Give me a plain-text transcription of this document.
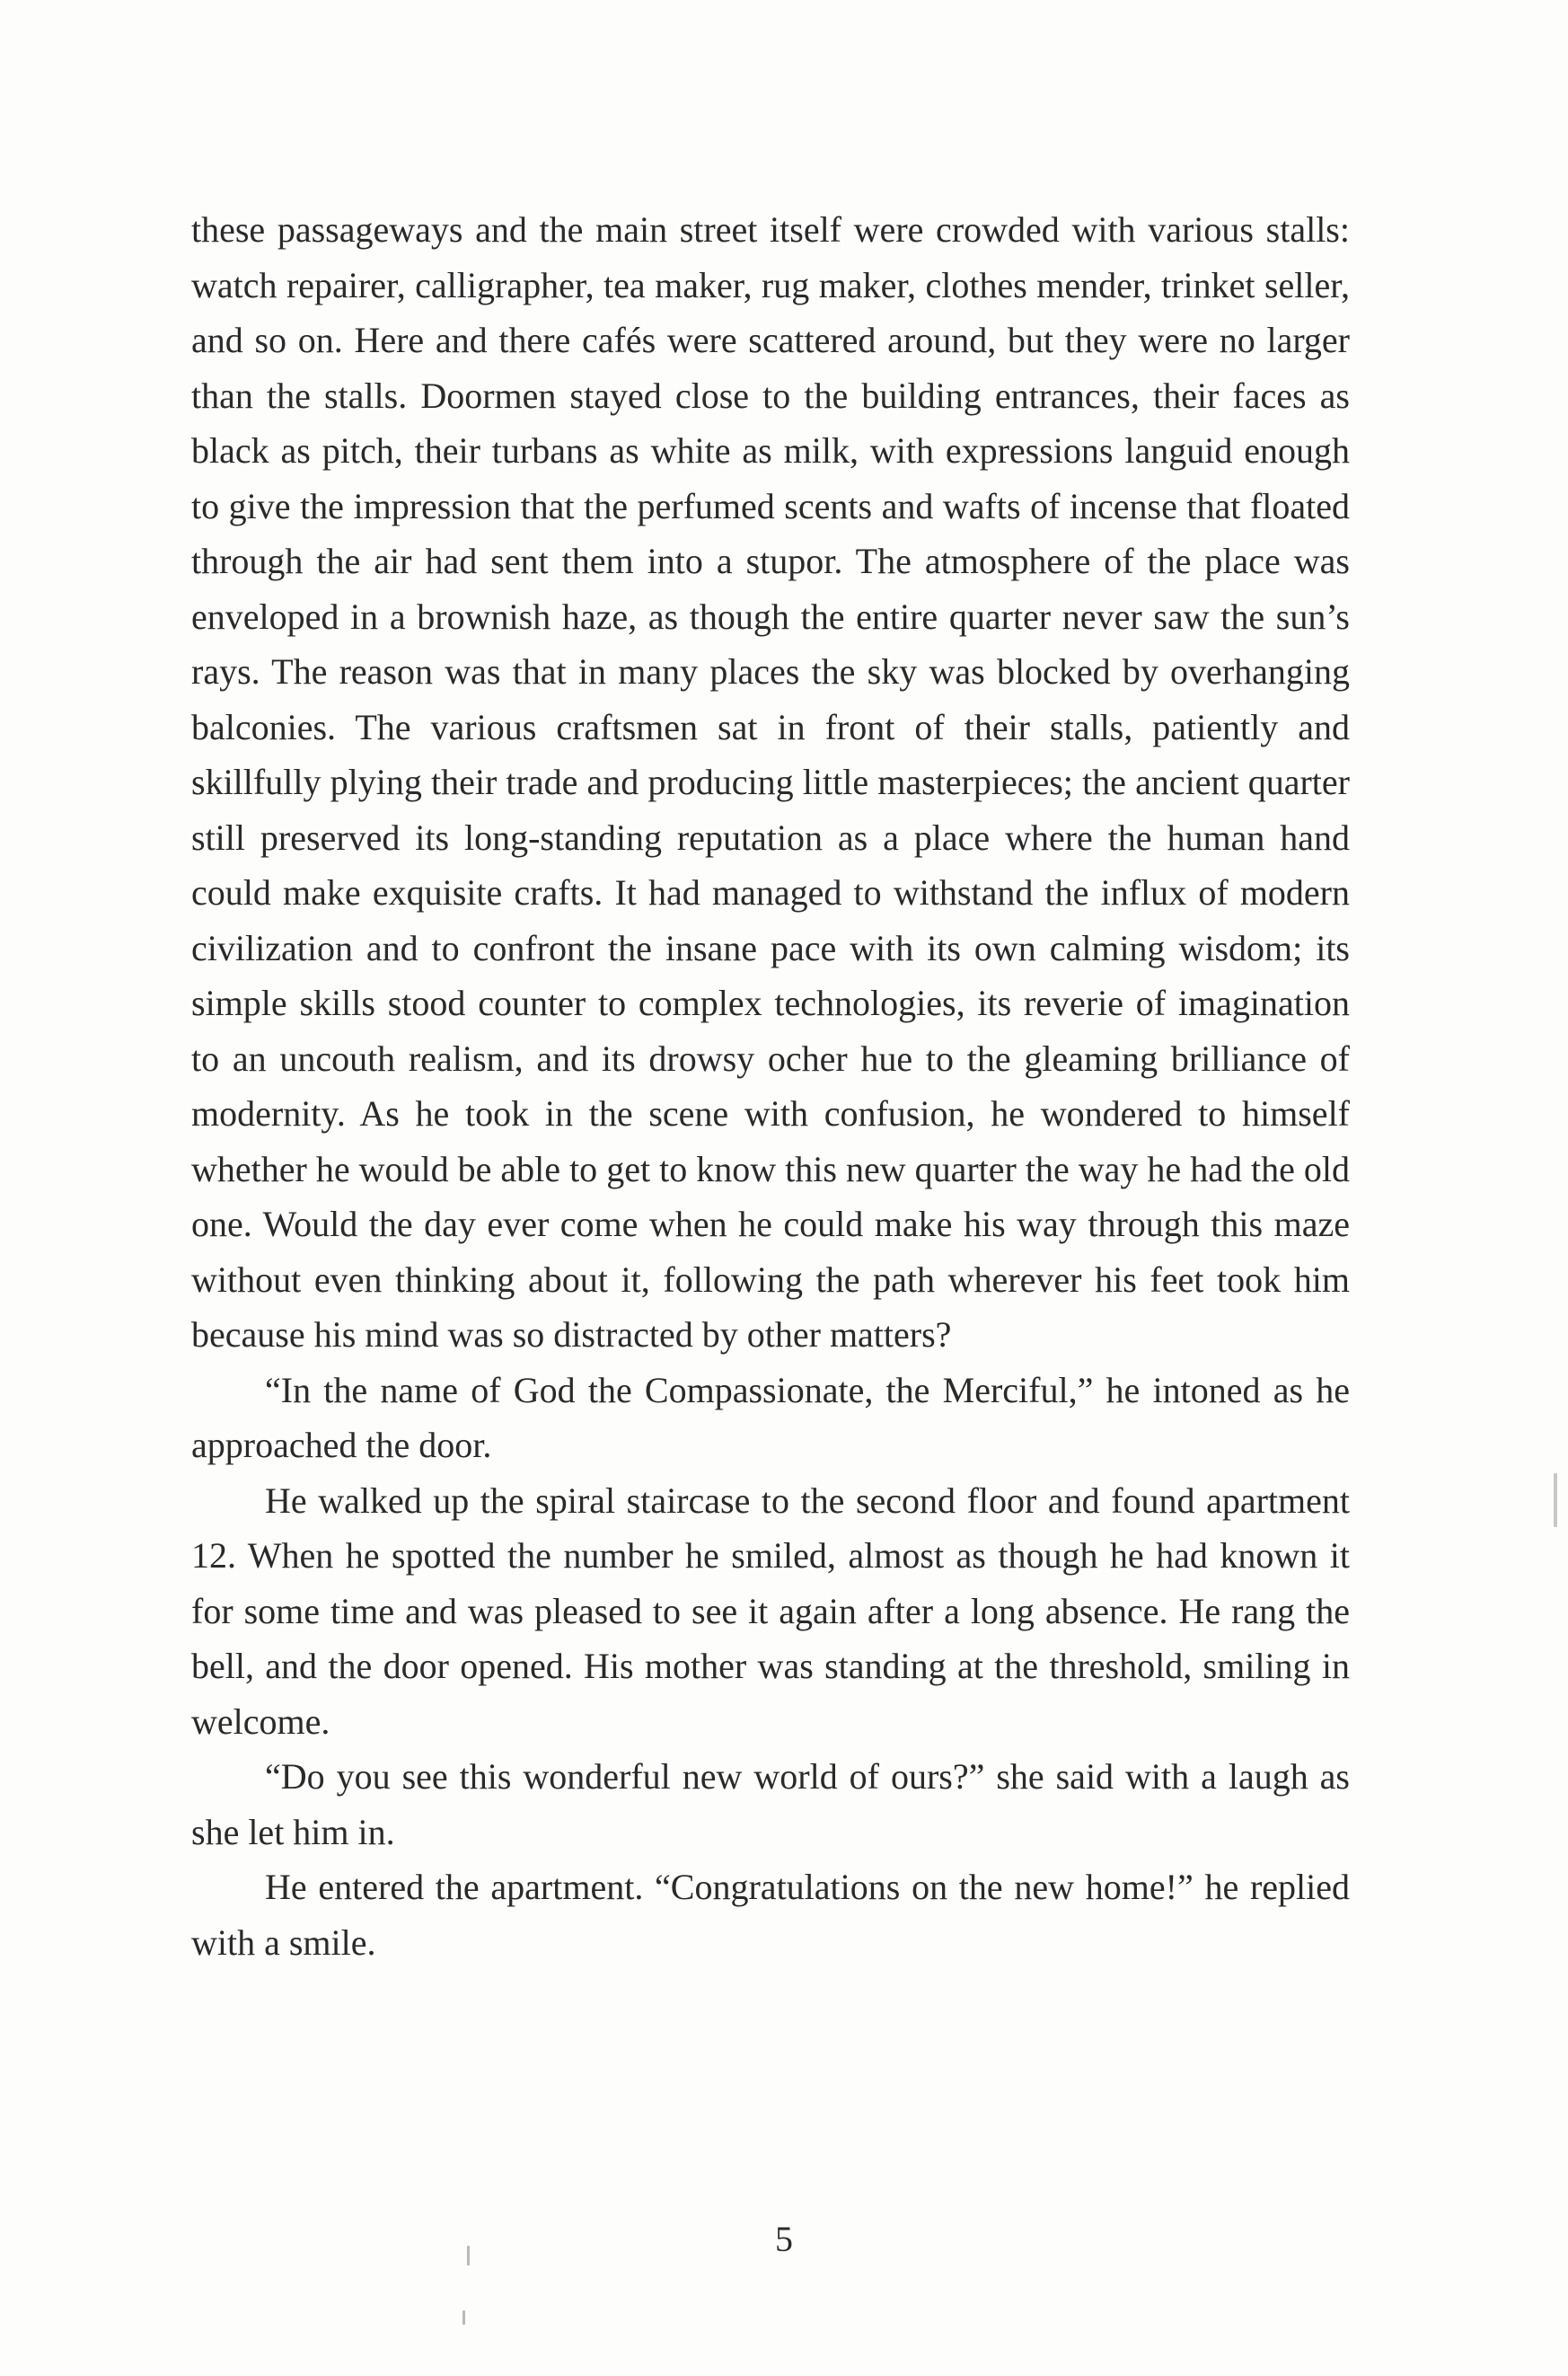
these passageways and the main street itself were crowded with various stalls: watch repairer, calligrapher, tea maker, rug maker, clothes mender, trinket seller, and so on. Here and there cafés were scattered around, but they were no larger than the stalls. Doormen stayed close to the building entrances, their faces as black as pitch, their turbans as white as milk, with expressions languid enough to give the impression that the perfumed scents and wafts of incense that floated through the air had sent them into a stupor. The atmosphere of the place was enveloped in a brownish haze, as though the entire quarter never saw the sun’s rays. The reason was that in many places the sky was blocked by overhanging balconies. The various craftsmen sat in front of their stalls, patiently and skillfully plying their trade and producing little masterpieces; the ancient quarter still preserved its long-standing reputation as a place where the human hand could make exquisite crafts. It had managed to withstand the influx of modern civilization and to confront the insane pace with its own calming wisdom; its simple skills stood counter to complex technologies, its reverie of imagination to an uncouth realism, and its drowsy ocher hue to the gleaming brilliance of modernity. As he took in the scene with confusion, he wondered to himself whether he would be able to get to know this new quarter the way he had the old one. Would the day ever come when he could make his way through this maze without even thinking about it, following the path wherever his feet took him because his mind was so distracted by other matters?

“In the name of God the Compassionate, the Merciful,” he intoned as he approached the door.

He walked up the spiral staircase to the second floor and found apartment 12. When he spotted the number he smiled, almost as though he had known it for some time and was pleased to see it again after a long absence. He rang the bell, and the door opened. His mother was standing at the threshold, smiling in welcome.

“Do you see this wonderful new world of ours?” she said with a laugh as she let him in.

He entered the apartment. “Congratulations on the new home!” he replied with a smile.

5
